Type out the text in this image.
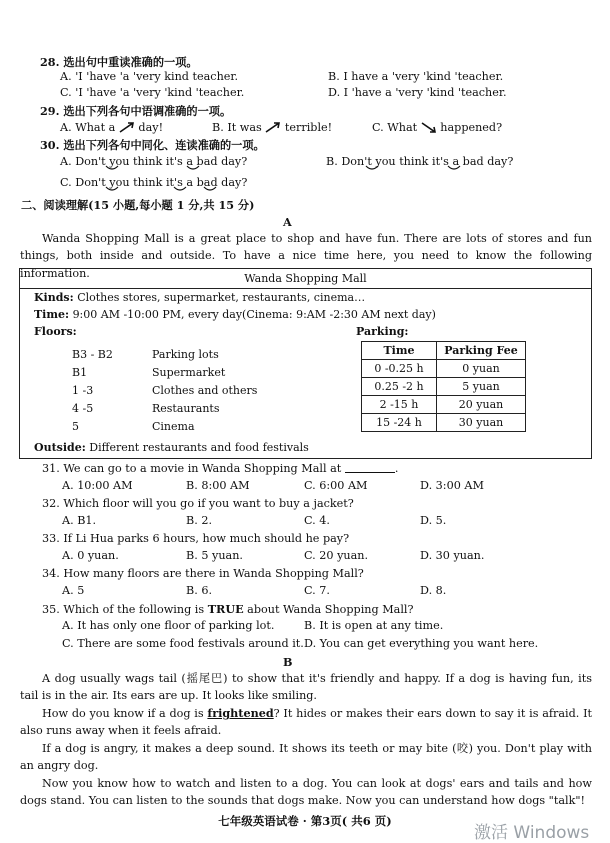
28. 选出句中重读准确的一项。
A. 'I 'have 'a 'very kind teacher.	B. I have a 'very 'kind 'teacher.
C. 'I 'have 'a 'very 'kind 'teacher.	D. I 'have a 'very 'kind 'teacher.
29. 选出下列各句中语调准确的一项。
A. What a day!	B. It was terrible!	C. What happened?
30. 选出下列各句中同化、连读准确的一项。
A. Don't you think it's a bad day?	B. Don't you think it's a bad day?
C. Don't you think it's a bad day?
二、阅读理解(15 小题,每小题 1 分,共 15 分)
A
Wanda Shopping Mall is a great place to shop and have fun. There are lots of stores and fun things, both inside and outside. To have a nice time here, you need to know the following information.	Wanda Shopping Mall
Kinds: Clothes stores, supermarket, restaurants, cinema…
Time: 9:00 AM -10:00 PM, every day(Cinema: 9:AM -2:30 AM next day)
Floors:	Parking:
B3 - B2	Parking lots
B1	Supermarket
1 -3	Clothes and others
4 -5	Restaurants
5	Cinema
Outside: Different restaurants and food festivals
Time	Parking Fee
0 -0.25 h	0 yuan
0.25 -2 h	5 yuan
2 -15 h	20 yuan
15 -24 h	30 yuan
31. We can go to a movie in Wanda Shopping Mall at	.
A. 10:00 AM	B. 8:00 AM	C. 6:00 AM	D. 3:00 AM
32. Which floor will you go if you want to buy a jacket?
A. B1.	B. 2.	C. 4.	D. 5.
33. If Li Hua parks 6 hours, how much should he pay?
A. 0 yuan.	B. 5 yuan.	C. 20 yuan.	D. 30 yuan.
34. How many floors are there in Wanda Shopping Mall?
A. 5	B. 6.	C. 7.	D. 8.
35. Which of the following is TRUE about Wanda Shopping Mall?
A. It has only one floor of parking lot.	B. It is open at any time.
C. There are some food festivals around it. D. You can get everything you want here.
B
A dog usually wags tail (摇尾巴) to show that it's friendly and happy. If a dog is having fun, its tail is in the air. Its ears are up. It looks like smiling.
How do you know if a dog is frightened? It hides or makes their ears down to say it is afraid. It also runs away when it feels afraid.
If a dog is angry, it makes a deep sound. It shows its teeth or may bite (咬) you. Don't play with an angry dog.
Now you know how to watch and listen to a dog. You can look at dogs' ears and tails and how dogs stand. You can listen to the sounds that dogs make. Now you can understand how dogs "talk"!
七年级英语试卷 · 第3页( 共6 页)
激活 Windows
